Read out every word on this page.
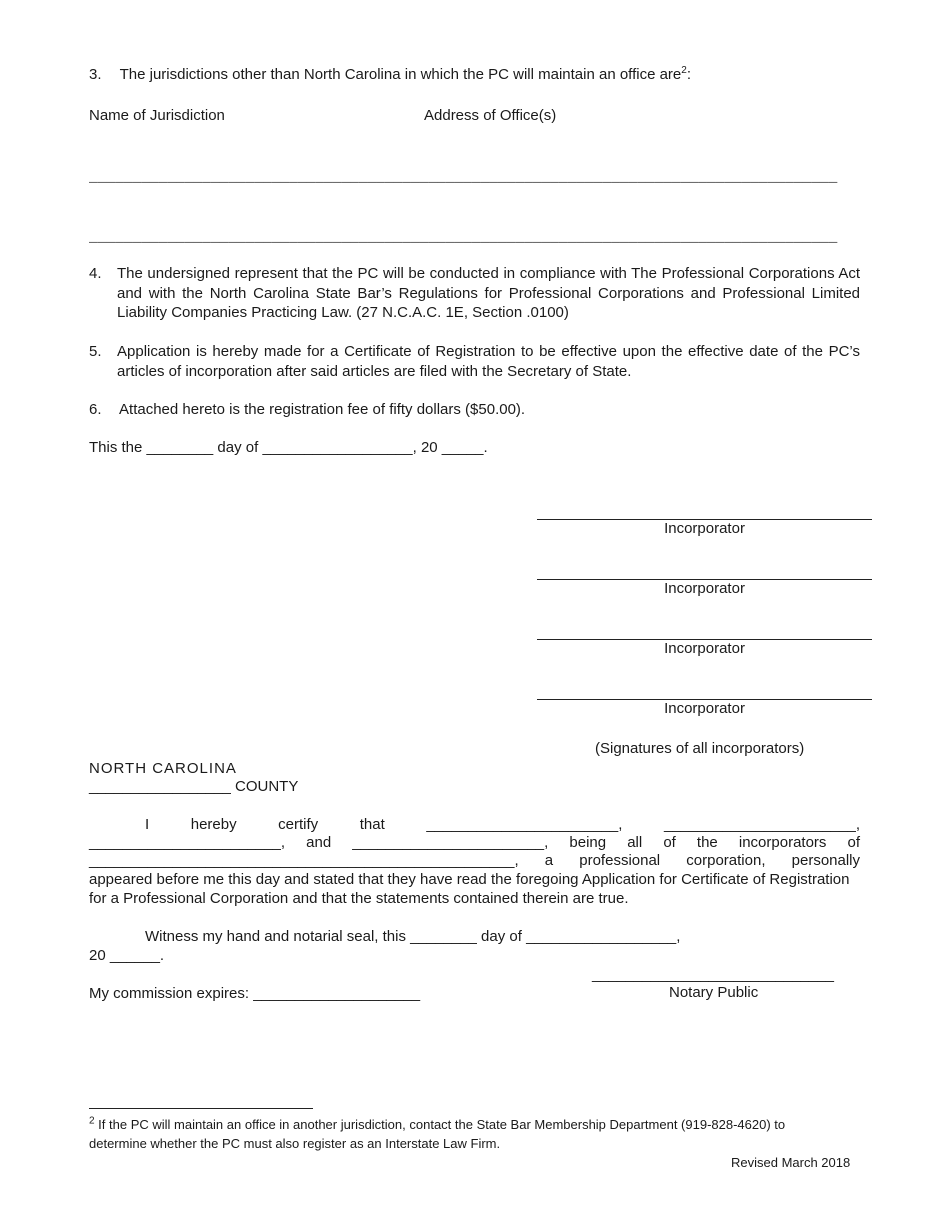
3. The jurisdictions other than North Carolina in which the PC will maintain an office are$^2$:
Name of Jurisdiction	Address of Office(s)
______________________________________________________________________________________
______________________________________________________________________________________
4. The undersigned represent that the PC will be conducted in compliance with The Professional Corporations Act and with the North Carolina State Bar’s Regulations for Professional Corporations and Professional Limited Liability Companies Practicing Law. (27 N.C.A.C. 1E, Section .0100)
5. Application is hereby made for a Certificate of Registration to be effective upon the effective date of the PC’s articles of incorporation after said articles are filed with the Secretary of State.
6. Attached hereto is the registration fee of fifty dollars ($50.00).
This the ________ day of __________________, 20 _____.
Incorporator
Incorporator
Incorporator
Incorporator
(Signatures of all incorporators)
NORTH CAROLINA
_________________ COUNTY
I	hereby	certify	that	_______________________,	_______________________,
_______________________, and _______________________, being all of the incorporators of
___________________________________________________, a professional corporation, personally
appeared before me this day and stated that they have read the foregoing Application for Certificate of Registration
for a Professional Corporation and that the statements contained therein are true.
Witness my hand and notarial seal, this ________ day of __________________,
20 ______.
My commission expires: ____________________
_____________________________
Notary Public
$^2$ If the PC will maintain an office in another jurisdiction, contact the State Bar Membership Department (919-828-4620) to
determine whether the PC must also register as an Interstate Law Firm.
Revised March 2018
